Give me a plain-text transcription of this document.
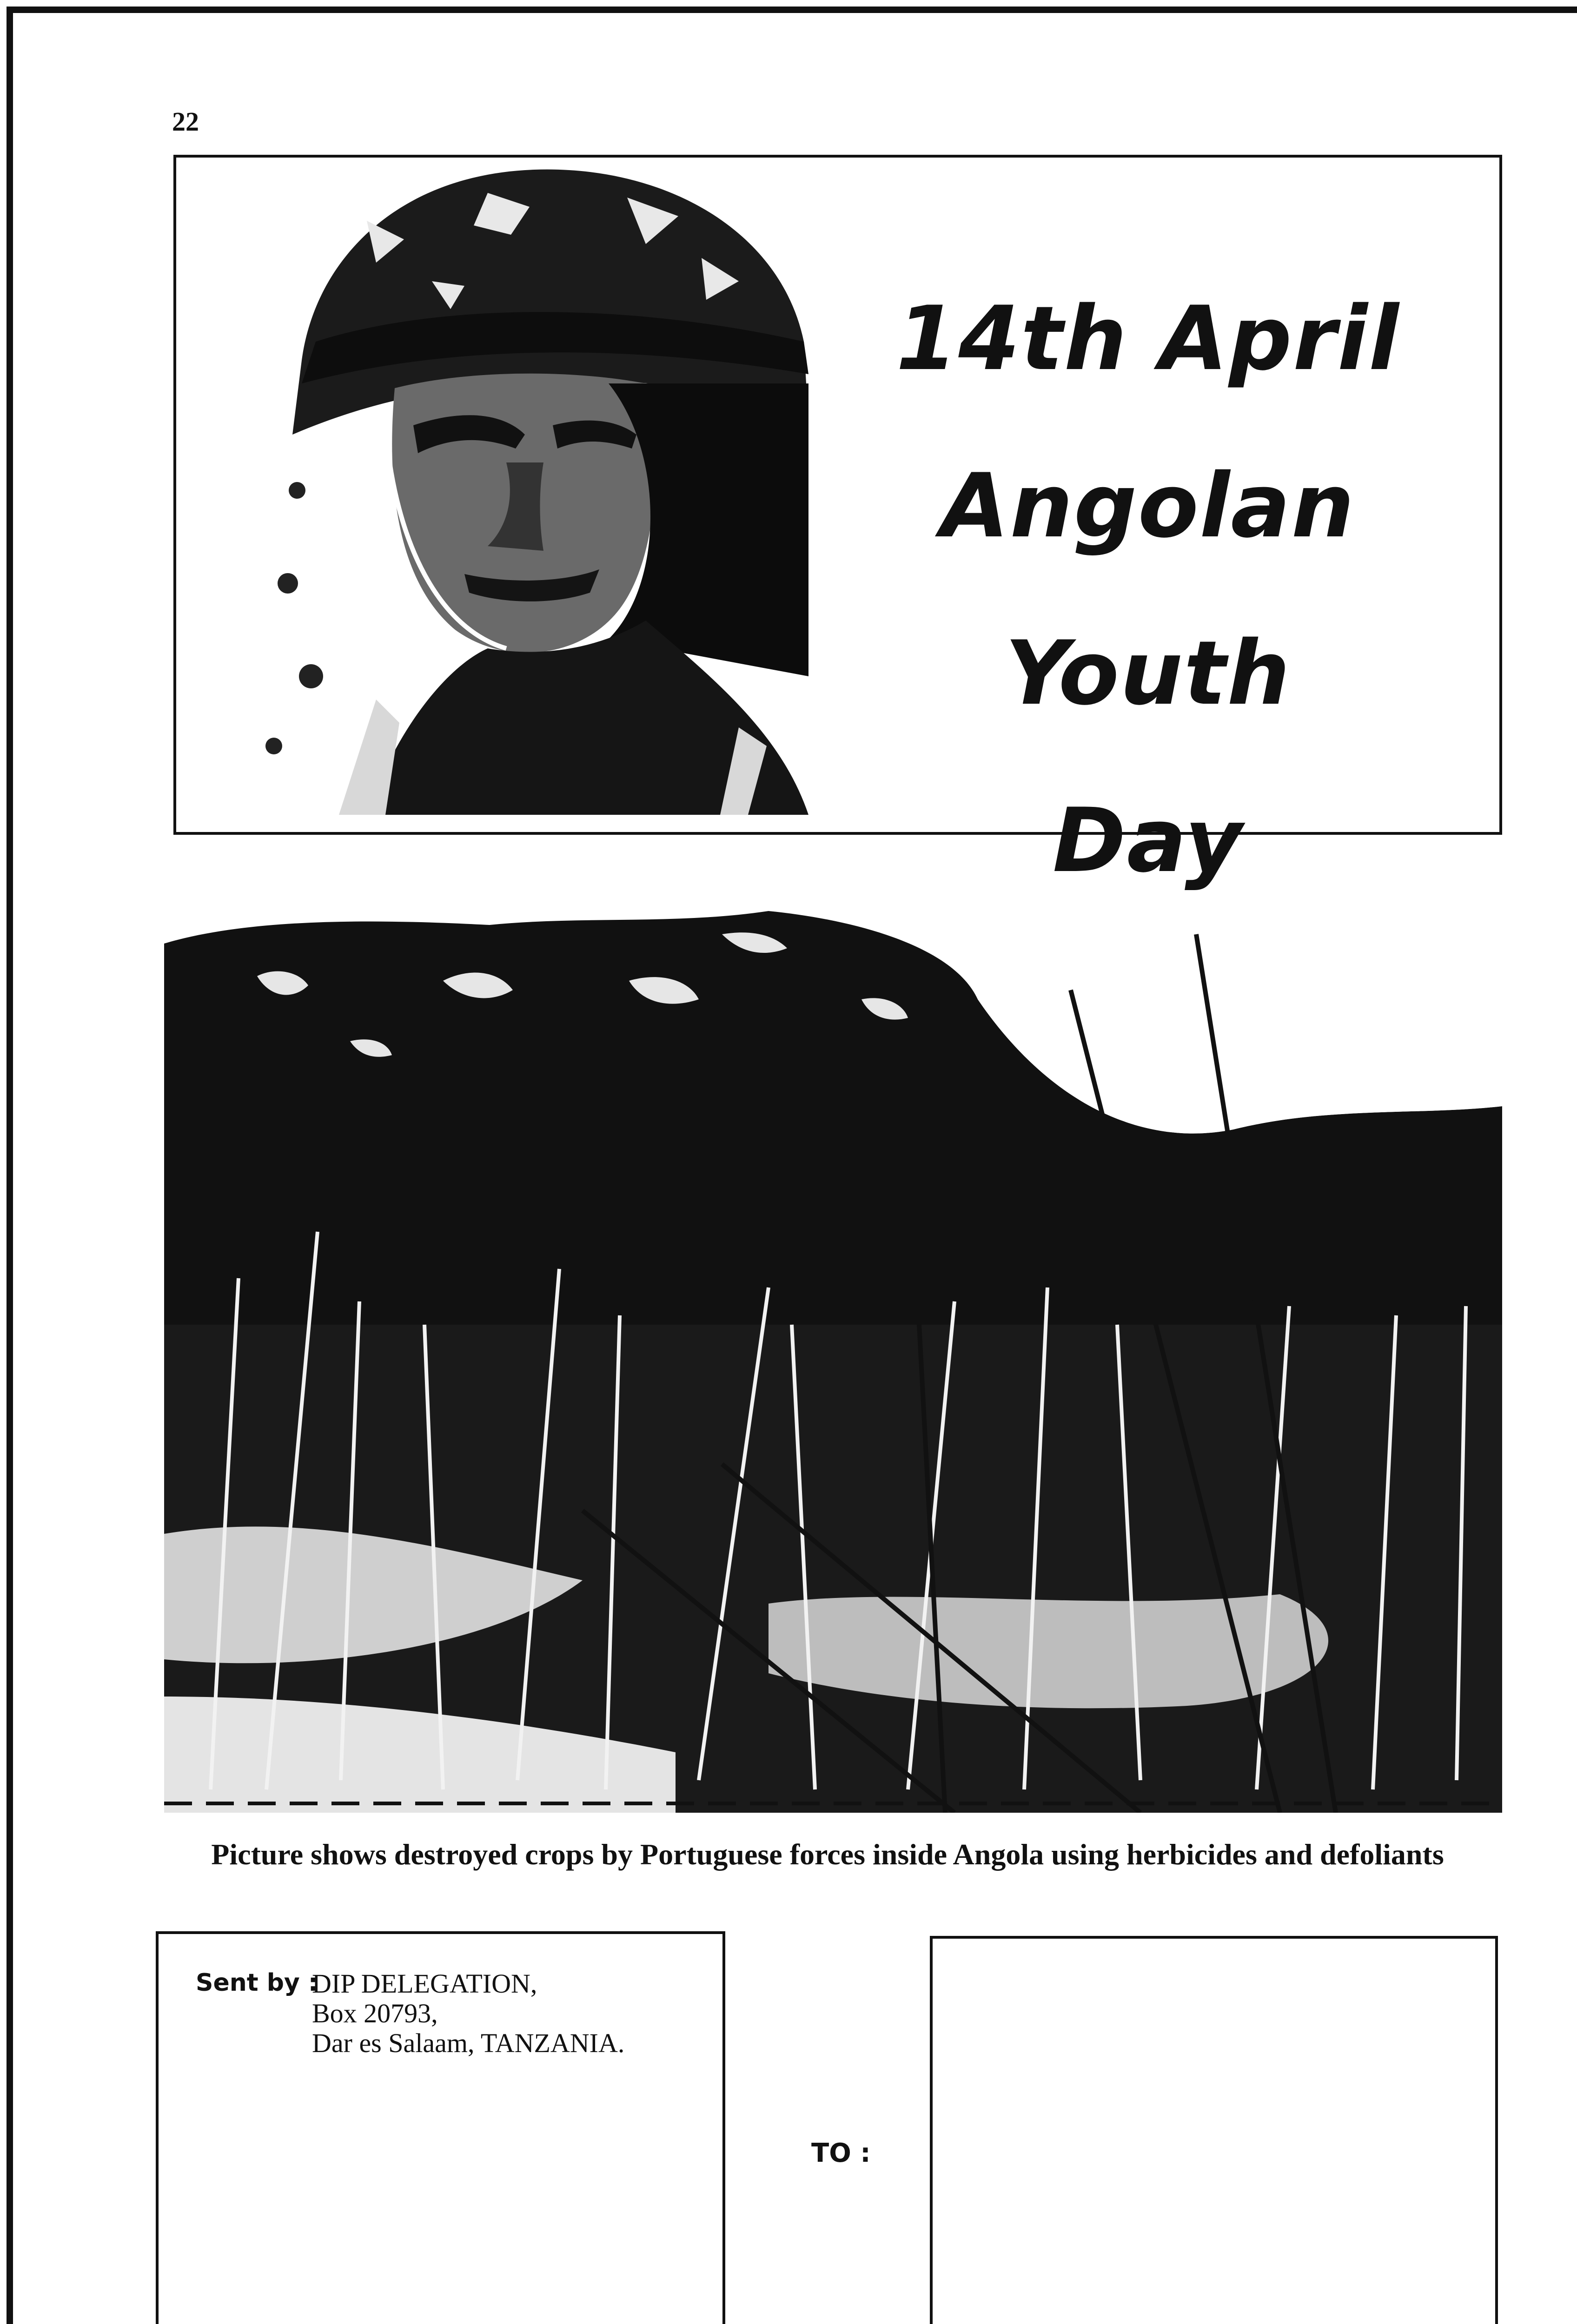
22
14th April
Angolan Youth
Day
Picture shows destroyed crops by Portuguese forces inside Angola using herbicides and defoliants
Sent by :
DIP DELEGATION,
Box 20793,
Dar es Salaam, TANZANIA.
TO :
